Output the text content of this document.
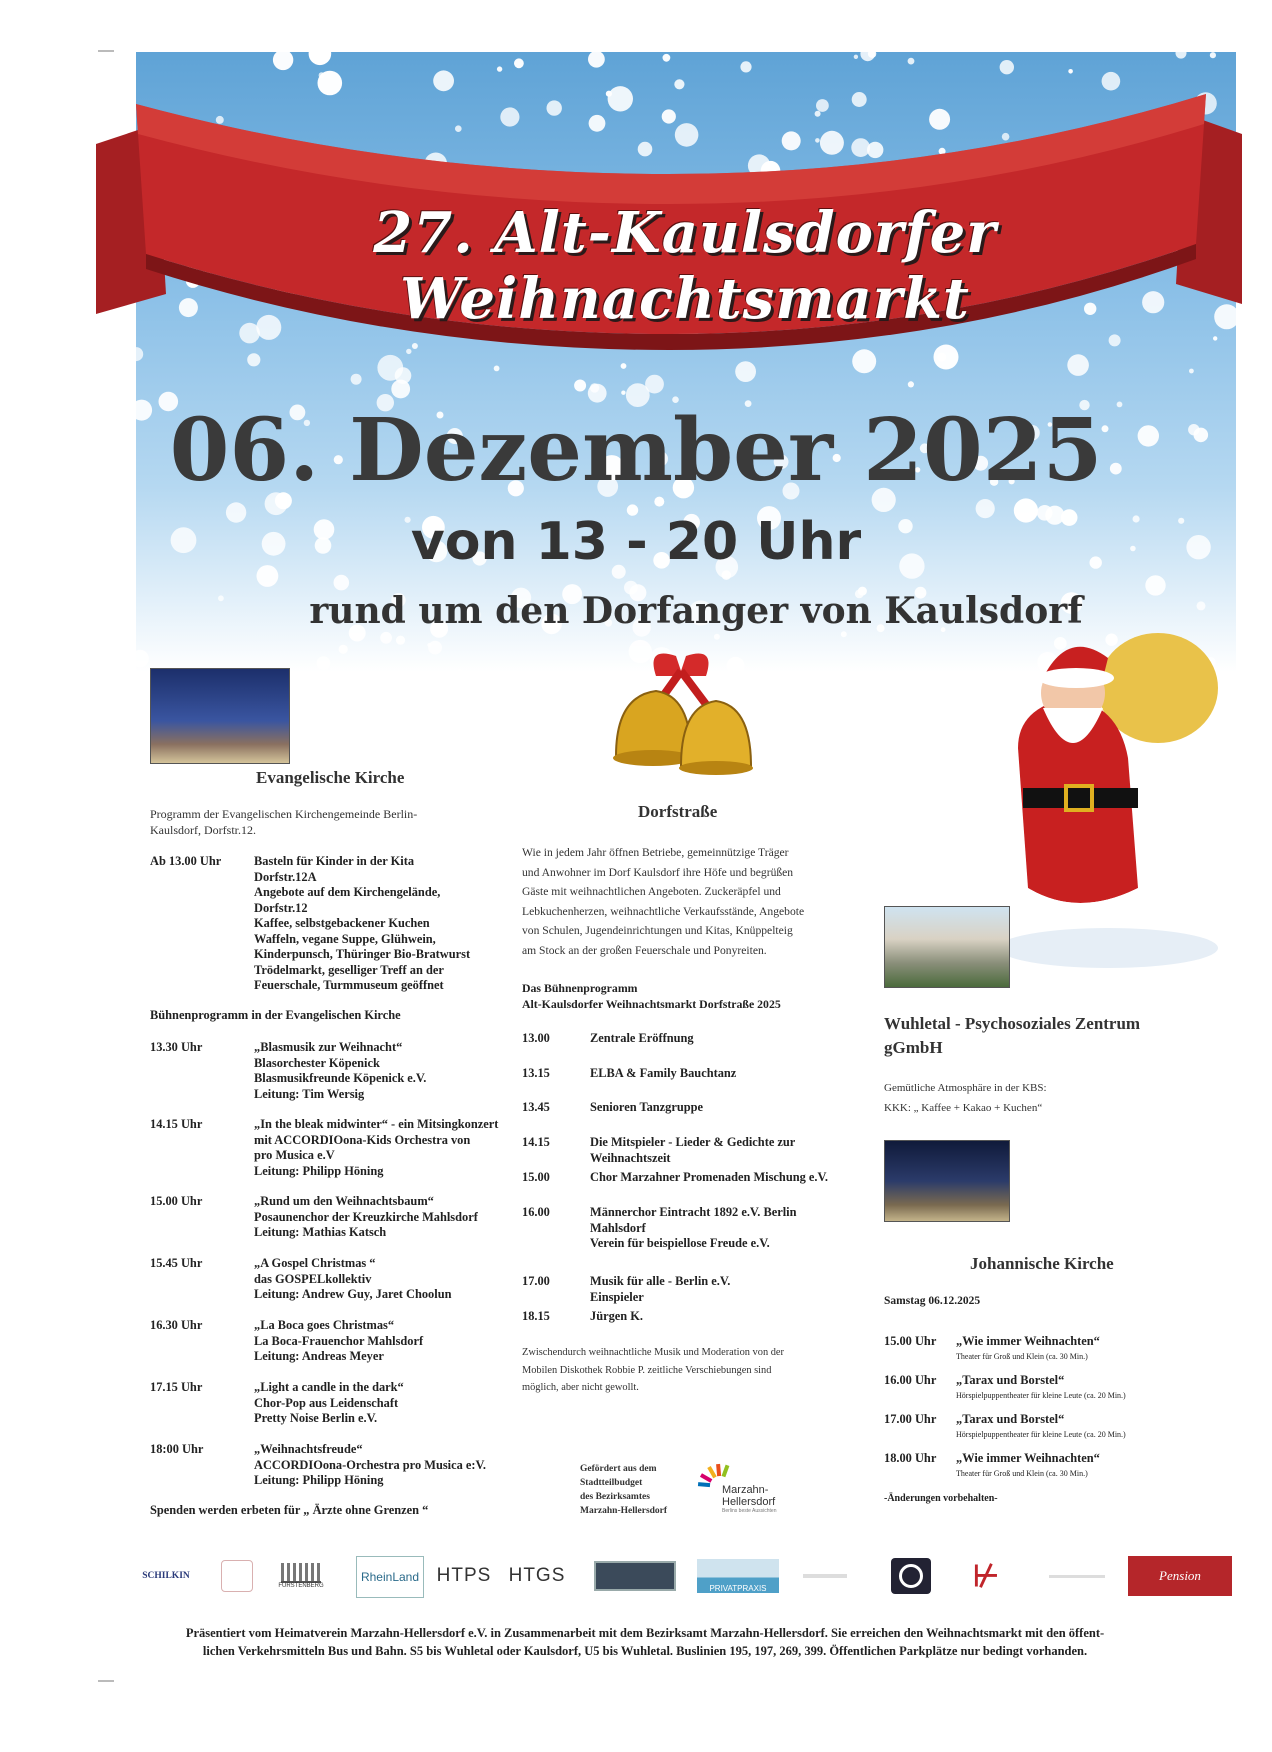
27. Alt-Kaulsdorfer Weihnachtsmarkt
06. Dezember 2025
von 13 - 20 Uhr
rund um den Dorfanger von Kaulsdorf
Evangelische Kirche
Programm der Evangelischen Kirchengemeinde Berlin-
Kaulsdorf, Dorfstr.12.
Ab 13.00 Uhr	Basteln für Kinder in der Kita
Dorfstr.12A
Angebote auf dem Kirchengelände,
Dorfstr.12
Kaffee, selbstgebackener Kuchen
Waffeln, vegane Suppe, Glühwein,
Kinderpunsch, Thüringer Bio-Bratwurst
Trödelmarkt, geselliger Treff an der
Feuerschale, Turmmuseum geöffnet
Bühnenprogramm in der Evangelischen Kirche
13.30 Uhr	„Blasmusik zur Weihnacht“
Blasorchester Köpenick
Blasmusikfreunde Köpenick e.V.
Leitung: Tim Wersig
14.15 Uhr	„In the bleak midwinter“ - ein Mitsingkonzert
mit ACCORDIOona-Kids Orchestra von
pro Musica e.V
Leitung: Philipp Höning
15.00 Uhr	„Rund um den Weihnachtsbaum“
Posaunenchor der Kreuzkirche Mahlsdorf
Leitung: Mathias Katsch
15.45 Uhr	„A Gospel Christmas “
das GOSPELkollektiv
Leitung: Andrew Guy, Jaret Choolun
16.30 Uhr	„La Boca goes Christmas“
La Boca-Frauenchor Mahlsdorf
Leitung: Andreas Meyer
17.15 Uhr	„Light a candle in the dark“
Chor-Pop aus Leidenschaft
Pretty Noise Berlin e.V.
18:00 Uhr	„Weihnachtsfreude“
ACCORDIOona-Orchestra pro Musica e:V.
Leitung: Philipp Höning
Spenden werden erbeten für „ Ärzte ohne Grenzen “
Dorfstraße
Wie in jedem Jahr öffnen Betriebe, gemeinnützige Träger
und Anwohner im Dorf Kaulsdorf ihre Höfe und begrüßen
Gäste mit weihnachtlichen Angeboten. Zuckeräpfel und
Lebkuchenherzen, weihnachtliche Verkaufsstände, Angebote
von Schulen, Jugendeinrichtungen und Kitas, Knüppelteig
am Stock an der großen Feuerschale und Ponyreiten.
Das Bühnenprogramm
Alt-Kaulsdorfer Weihnachtsmarkt Dorfstraße 2025
13.00	Zentrale Eröffnung
13.15	ELBA & Family Bauchtanz
13.45	Senioren Tanzgruppe
14.15	Die Mitspieler - Lieder & Gedichte zur
Weihnachtszeit
15.00	Chor Marzahner Promenaden Mischung e.V.
16.00	Männerchor Eintracht 1892 e.V. Berlin
Mahlsdorf
Verein für beispiellose Freude e.V.
17.00	Musik für alle - Berlin e.V.
Einspieler
18.15	Jürgen K.
Zwischendurch weihnachtliche Musik und Moderation von der
Mobilen Diskothek Robbie P. zeitliche Verschiebungen sind
möglich, aber nicht gewollt.
Gefördert aus dem
Stadtteilbudget
des Bezirksamtes
Marzahn-Hellersdorf
Marzahn-
Hellersdorf
Berlins beste Aussichten
Wuhletal - Psychosoziales Zentrum
gGmbH
Gemütliche Atmosphäre in der KBS:
KKK: „ Kaffee + Kakao + Kuchen“
Johannische Kirche
Samstag 06.12.2025
15.00 Uhr „Wie immer Weihnachten“
Theater für Groß und Klein (ca. 30 Min.)
16.00 Uhr „Tarax und Borstel“
Hörspielpuppentheater für kleine Leute (ca. 20 Min.)
17.00 Uhr „Tarax und Borstel“
Hörspielpuppentheater für kleine Leute (ca. 20 Min.)
18.00 Uhr „Wie immer Weihnachten“
Theater für Groß und Klein (ca. 30 Min.)
-Änderungen vorbehalten-
SCHILKIN
FÜRSTENBERG
RheinLand HTPS HTGS
PRIVATPRAXIS	⊬	Pension
Präsentiert vom Heimatverein Marzahn-Hellersdorf e.V. in Zusammenarbeit mit dem Bezirksamt Marzahn-Hellersdorf. Sie erreichen den Weihnachtsmarkt mit den öffent-
lichen Verkehrsmitteln Bus und Bahn. S5 bis Wuhletal oder Kaulsdorf, U5 bis Wuhletal. Buslinien 195, 197, 269, 399. Öffentlichen Parkplätze nur bedingt vorhanden.
